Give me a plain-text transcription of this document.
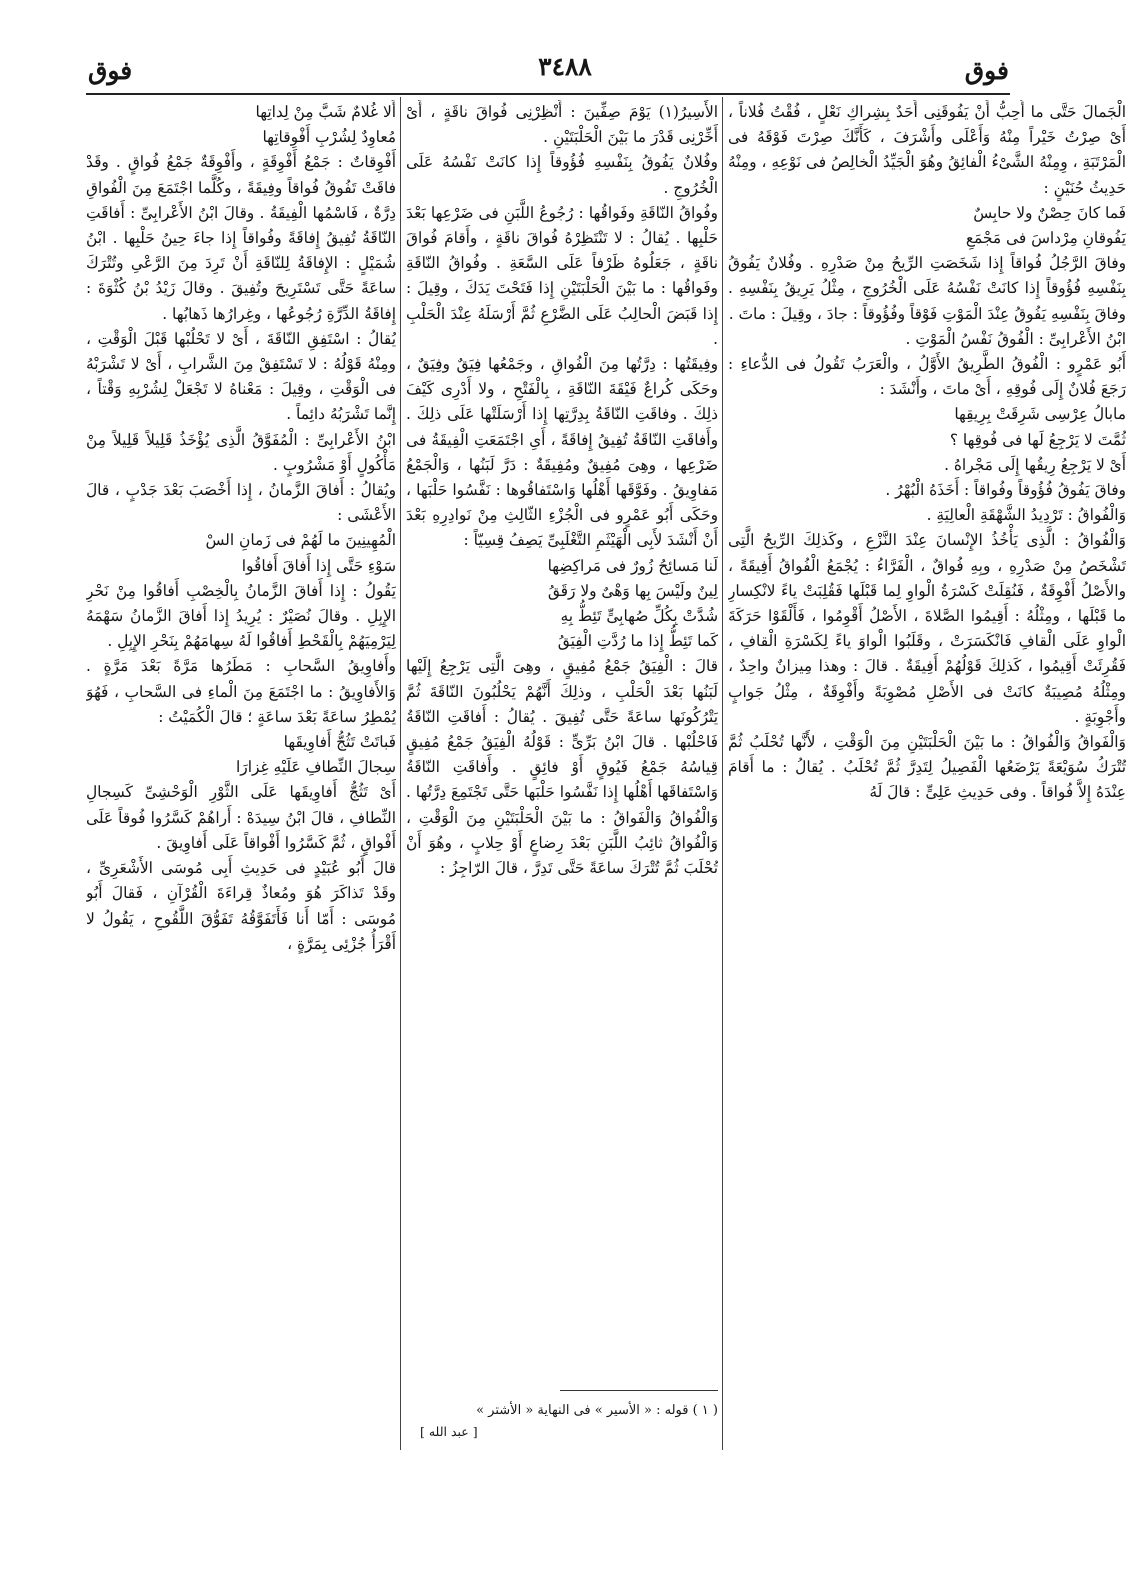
فوق
٣٤٨٨
فوق
الْجَمالَ حَتَّى ما أُحِبُّ أَنْ يَفُوقَنِى أَحَدٌ بِشِراكِ نَعْلٍ ، فُقْتُ فُلاناً ، أَىْ صِرْتُ خَيْراً مِنْهُ وَأَعْلَى وأَشْرَفَ ، كَأَنَّكَ صِرْتَ فَوْقَهُ فى الْمَرْتَبَةِ ، وِمِنْهُ الشَّىْءُ الْفائِقُ وهُوَ الْجَيِّدُ الْخالِصُ فى نَوْعِهِ ، ومِنْهُ حَدِيثُ حُنَيْنٍ :
فَما كانَ حِصْنٌ ولا حابِسٌ
يَفُوقانِ مِرْداسَ فى مَجْمَعِ
وفاقَ الرَّجُلُ فُواقاً إِذا شَخَصَتِ الرِّيحُ مِنْ صَدْرِهِ . وفُلانٌ يَفُوقُ بِنَفْسِهِ فُؤُوقاً إِذا كانَتْ نَفْسُهُ عَلَى الْخُرُوجِ ، مِثْلُ يَرِيقُ بِنَفْسِهِ . وفاقَ بِنَفْسِهِ يَفُوقُ عِنْدَ الْمَوْتِ فَوْقاً وفُؤُوقاً : جادَ ، وقِيلَ : ماتَ .
ابْنُ الأَعْرابِىِّ : الْفُوقُ نَفْسُ الْمَوْتِ .
أَبُو عَمْرٍو : الْفُوقُ الطَّرِيقُ الأَوَّلُ ، والْعَرَبُ تَقُولُ فى الدُّعاءِ : رَجَعَ فُلانٌ إِلَى فُوقِهِ ، أَىْ ماتَ ، وأَنْشَدَ :
مابالُ عِرْسِى شَرِقَتْ بِرِيقِها
ثُمَّتَ لا يَرْجِعُ لَها فى فُوقِها ؟
أَىْ لا يَرْجِعُ رِيقُها إِلَى مَجْراهُ .
وفاقَ يَفُوقُ فُؤُوقاً وفُواقاً : أَخَذَهُ الْبُهْرُ .
وَالْفُواقُ : تَرْدِيدُ الشَّهْقَةِ الْعالِيَةِ .
وَالْفُواقُ : الَّذِى يَأْخُذُ الإِنْسانَ عِنْدَ النَّزْعِ ، وكَذلِكَ الرِّيحُ الَّتِى تَشْخَصُ مِنْ صَدْرِهِ ، وبِهِ فُواقٌ ، الْفَرَّاءُ : يُجْمَعُ الْفُواقُ أَفِيقَةً ، والأَصْلُ أَفْوِقَةٌ ، فَنُقِلَتْ كَسْرَةُ الْواوِ لِما قَبْلَها فَقُلِبَتْ ياءً لانْكِسارِ ما قَبْلَها ، ومِثْلُهُ : أَقِيمُوا الصَّلاةَ ، الأَصْلُ أَقْوِمُوا ، فَأَلْقَوْا حَرَكَةَ الْواوِ عَلَى الْقافِ فَانْكَسَرَتْ ، وقَلَبُوا الْواوَ ياءً لِكَسْرَةِ الْقافِ ، فَقُرِئَتْ أَقِيمُوا ، كَذلِكَ قَوْلُهُمْ أَفِيقَةٌ . قالَ : وهذا مِيزانٌ واحِدٌ ، ومِثْلُهُ مُصِيبَةٌ كانَتْ فى الأَصْلِ مُصْوِبَةً وأَفْوِقَةٌ ، مِثْلُ جَوابٍ وأَجْوِبَةٍ .
وَالْفَواقُ وَالْفُواقُ : ما بَيْنَ الْحَلْبَتَيْنِ مِنَ الْوَقْتِ ، لأَنَّها تُحْلَبُ ثُمَّ تُتْرَكُ سُوَيْعَةً يَرْضَعُها الْفَصِيلُ لِتَدِرَّ ثُمَّ تُحْلَبُ . يُقالُ : ما أَقامَ عِنْدَهُ إِلاَّ فُواقاً . وفى حَدِيثِ عَلِىٍّ : قالَ لَهُ
الأَسِيرُ(١) يَوْمَ صِفِّينَ : أَنْظِرْنِى فُواقَ ناقَةٍ ، أَىْ أَخِّرْنِى قَدْرَ ما بَيْنَ الْحَلْبَتَيْنِ .
وفُلانٌ يَفُوقُ بِنَفْسِهِ فُؤُوقاً إِذا كانَتْ نَفْسُهُ عَلَى الْخُرُوجِ .
وفُواقُ النّاقَةِ وفَواقُها : رُجُوعُ اللَّبَنِ فى ضَرْعِها بَعْدَ حَلْبِها . يُقالُ : لا تَنْتَظِرْهُ فُواقَ ناقَةٍ ، وأَقامَ فُواقَ ناقَةٍ ، جَعَلُوهُ ظَرْفاً عَلَى السَّعَةِ . وفُواقُ النّاقَةِ وفَواقُها : ما بَيْنَ الْحَلْبَتَيْنِ إِذا فَتَحْتَ يَدَكَ ، وقِيلَ : إِذا قَبَضَ الْحالِبُ عَلَى الضَّرْعِ ثُمَّ أَرْسَلَهُ عِنْدَ الْحَلْبِ .
وفِيقَتُها : دِرَّتُها مِنَ الْفُواقِ ، وجَمْعُها فِيَقٌ وفِيَقٌ ، وحَكَى كُراعٌ فَيْقَةَ النّاقَةِ ، بِالْفَتْحِ ، ولا أَدْرِى كَيْفَ ذلِكَ . وفاقَتِ النّاقَةُ بِدِرَّتِها إِذا أَرْسَلَتْها عَلَى ذلِكَ . وأَفاقَتِ النّاقَةُ تُفِيقُ إِفاقَةً ، أَىِ اجْتَمَعَتِ الْفِيقَةُ فى ضَرْعِها ، وهِىَ مُفِيقٌ ومُفِيقَةٌ : دَرَّ لَبَنُها ، وَالْجَمْعُ مَفاوِيقُ . وفَوَّقَها أَهْلُها وَاسْتَفاقُوها : نَفَّسُوا حَلْبَها ، وحَكَى أَبُو عَمْرٍو فى الْجُزْءِ الثّالِثِ مِنْ نَوادِرِهِ بَعْدَ أَنْ أَنْشَدَ لأَبِى الْهَيْثَمِ التَّغْلَبِىِّ يَصِفُ قِسِيّاً :
لَنا مَسائِحُ زُورٌ فى مَراكِضِها
لِينٌ ولَيْسَ بِها وَهْىٌ ولا رَقَقُ
شُدَّتْ بِكُلِّ صُهابِىٍّ تَئِطُّ بِهِ
كَما تَئِطُّ إِذا ما رُدَّتِ الْفِيَقُ
قالَ : الْفِيَقُ جَمْعُ مُفِيقٍ ، وهِىَ الَّتِى يَرْجِعُ إِلَيْها لَبَنُها بَعْدَ الْحَلْبِ ، وذلِكَ أَنَّهُمْ يَحْلُبُونَ النّاقَةَ ثُمَّ يَتْرُكُونَها ساعَةً حَتَّى تُفِيقَ . يُقالُ : أَفاقَتِ النّاقَةُ فَاحْلُبْها . قالَ ابْنُ بَرِّىٍّ : قَوْلُهُ الْفِيَقُ جَمْعُ مُفِيقٍ قِياسُهُ جَمْعُ فَيُوقٍ أَوْ فائِقٍ . وأَفاقَتِ النّاقَةُ وَاسْتَفاقَها أَهْلُها إِذا نَفَّسُوا حَلْبَها حَتَّى تَجْتَمِعَ دِرَّتُها . وَالْفُواقُ وَالْفَواقُ : ما بَيْنَ الْحَلْبَتَيْنِ مِنَ الْوَقْتِ ، وَالْفُواقُ ثائِبُ اللَّبَنِ بَعْدَ رِضاعٍ أَوْ حِلابٍ ، وهُوَ أَنْ تُحْلَبَ ثُمَّ تُتْرَكَ ساعَةً حَتَّى تَدِرَّ ، قالَ الرّاجِزُ :
أَلا غُلامٌ شَبَّ مِنْ لِداتِها
مُعاوِدٌ لِشُرْبِ أَفْوِقاتِها
أَفْوِقاتٌ : جَمْعُ أَفْوِقَةٍ ، وأَفْوِقَةٌ جَمْعُ فُواقٍ . وقَدْ فاقَتْ تَفُوقُ فُواقاً وفِيقَةً ، وكُلَّما اجْتَمَعَ مِنَ الْفُواقِ دِرَّةٌ ، فَاسْمُها الْفِيقَةُ . وقالَ ابْنُ الأَعْرابِىِّ : أَفاقَتِ النّاقَةُ تُفِيقُ إِفاقَةً وفُواقاً إِذا جاءَ حِينُ حَلْبِها . ابْنُ شُمَيْلٍ : الإِفاقَةُ لِلنّاقَةِ أَنْ تَرِدَ مِنَ الرَّعْىِ وتُتْرَكَ ساعَةً حَتَّى تَسْتَرِيحَ وتُفِيقَ . وقالَ زَيْدُ بْنُ كُثْوَةَ : إِفاقَةُ الدِّرَّةِ رُجُوعُها ، وغِرارُها ذَهابُها .
يُقالُ : اسْتَفِقِ النّاقَةَ ، أَىْ لا تَحْلُبْها قَبْلَ الْوَقْتِ ، ومِنْهُ قَوْلُهُ : لا تَسْتَفِقْ مِنَ الشَّرابِ ، أَىْ لا تَشْرَبْهُ فى الْوَقْتِ ، وقِيلَ : مَعْناهُ لا تَجْعَلْ لِشُرْبِهِ وَقْتاً ، إِنَّما تَشْرَبُهُ دائِماً .
ابْنُ الأَعْرابِىِّ : الْمُفَوَّقُ الَّذِى يُؤْخَذُ قَلِيلاً قَلِيلاً مِنْ مَأْكُولٍ أَوْ مَشْرُوبٍ .
ويُقالُ : أَفاقَ الزَّمانُ ، إِذا أَخْصَبَ بَعْدَ جَدْبٍ ، قالَ الأَعْشَى :
الْمُهِينِينَ ما لَهُمْ فى زَمانِ السْ
سَوْءِ حَتَّى إِذا أَفاقَ أَفاقُوا
يَقُولُ : إِذا أَفاقَ الزَّمانُ بِالْخِصْبِ أَفاقُوا مِنْ نَحْرِ الإِبِلِ . وقالَ نُصَيْرٌ : يُرِيدُ إِذا أَفاقَ الزَّمانُ سَهْمَهُ لِيَرْمِيَهُمْ بِالْقَحْطِ أَفاقُوا لَهُ سِهامَهُمْ بِنَحْرِ الإِبِلِ .
وأَفاوِيقُ السَّحابِ : مَطَرُها مَرَّةً بَعْدَ مَرَّةٍ . وَالأَفاوِيقُ : ما اجْتَمَعَ مِنَ الْماءِ فى السَّحابِ ، فَهُوَ يُمْطِرُ ساعَةً بَعْدَ ساعَةٍ ؛ قالَ الْكُمَيْتُ :
فَباتَتْ تَثُجُّ أَفاوِيقَها
سِجالَ النِّطافِ عَلَيْهِ غِزارَا
أَىْ تَثُجُّ أَفاوِيقَها عَلَى الثَّوْرِ الْوَحْشِىِّ كَسِجالِ النِّطافِ ، قالَ ابْنُ سِيدَهْ : أَراهُمْ كَسَّرُوا فُوقاً عَلَى أَفْواقٍ ، ثُمَّ كَسَّرُوا أَفْواقاً عَلَى أَفاوِيقَ .
قالَ أَبُو عُبَيْدٍ فى حَدِيثِ أَبِى مُوسَى الأَشْعَرِىِّ ، وقَدْ تَذاكَرَ هُوَ ومُعاذٌ قِراءَةَ الْقُرْآنِ ، فَقالَ أَبُو مُوسَى : أَمّا أَنا فَأَتَفَوَّقُهُ تَفَوُّقَ اللَّقُوحِ ، يَقُولُ لا أَقْرَأُ جُزْئِى بِمَرَّةٍ ،
( ١ ) قوله : « الأسير » فى النهاية « الأشتر »
[ عبد الله ]
